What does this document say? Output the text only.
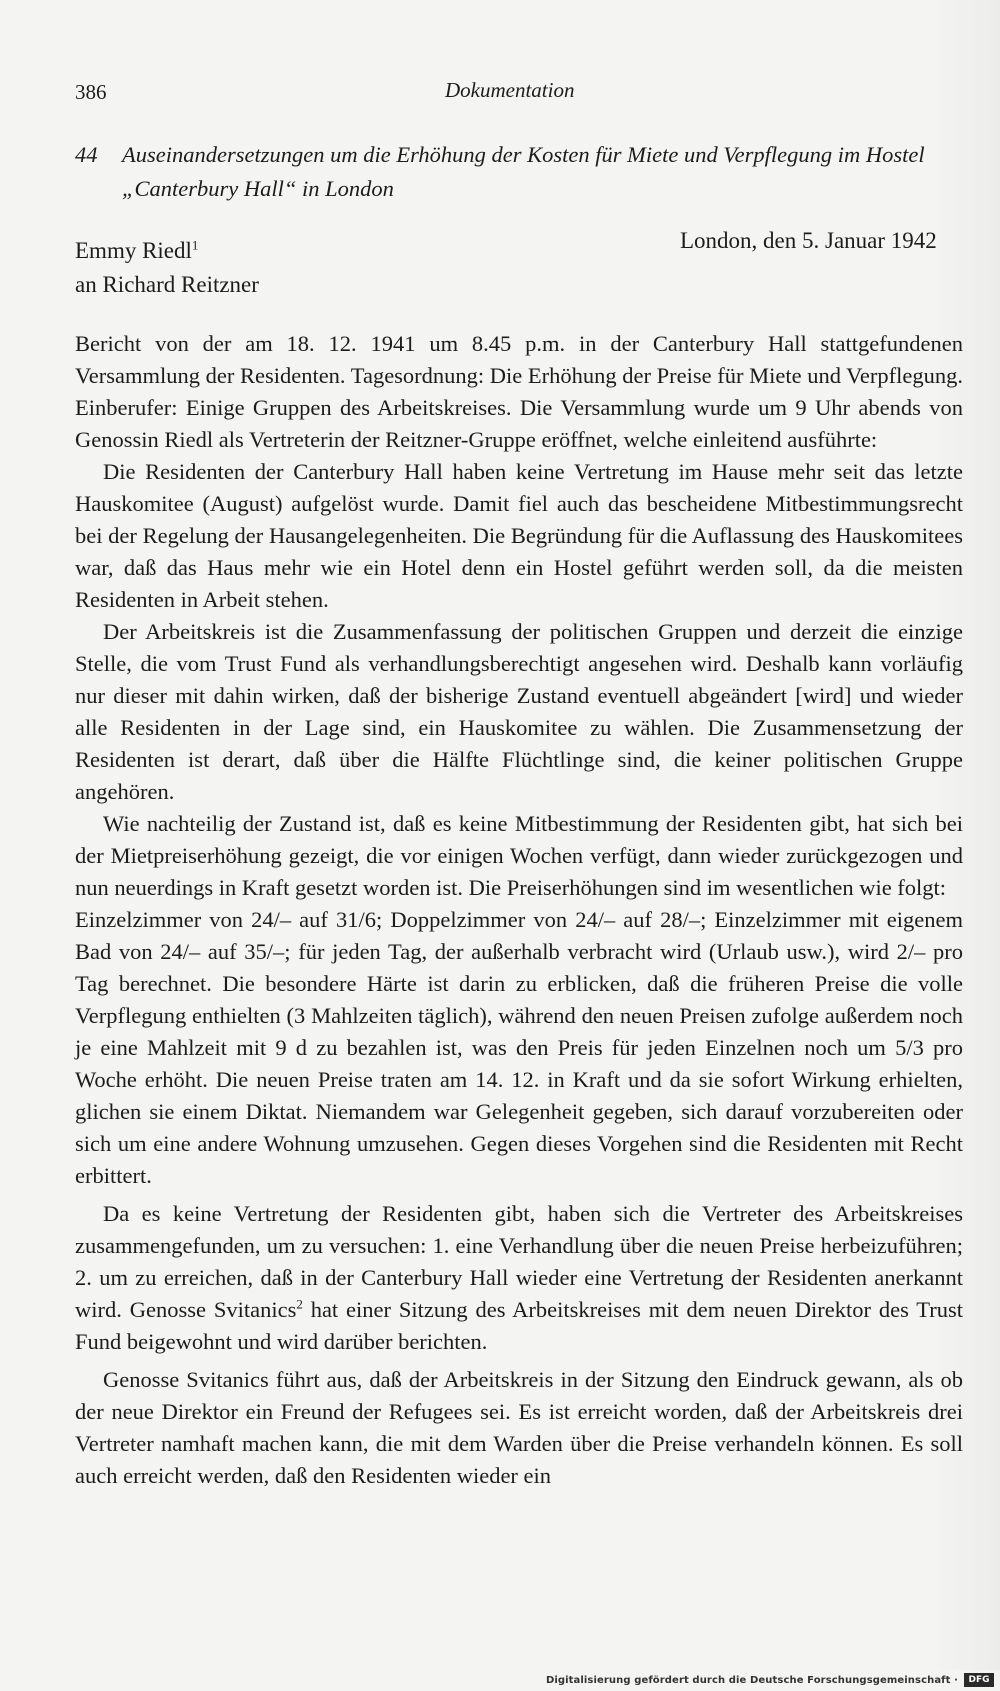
386	Dokumentation
44 Auseinandersetzungen um die Erhöhung der Kosten für Miete und Verpflegung im Hostel „Canterbury Hall“ in London
Emmy Riedl$^1$
an Richard Reitzner
London, den 5. Januar 1942

Bericht von der am 18. 12. 1941 um 8.45 p.m. in der Canterbury Hall stattgefundenen Versammlung der Residenten. Tagesordnung: Die Erhöhung der Preise für Miete und Verpflegung. Einberufer: Einige Gruppen des Arbeitskreises. Die Versammlung wurde um 9 Uhr abends von Genossin Riedl als Vertreterin der Reitzner-Gruppe eröffnet, welche einleitend ausführte:

Die Residenten der Canterbury Hall haben keine Vertretung im Hause mehr seit das letzte Hauskomitee (August) aufgelöst wurde. Damit fiel auch das bescheidene Mitbestimmungsrecht bei der Regelung der Hausangelegenheiten. Die Begründung für die Auflassung des Hauskomitees war, daß das Haus mehr wie ein Hotel denn ein Hostel geführt werden soll, da die meisten Residenten in Arbeit stehen.

Der Arbeitskreis ist die Zusammenfassung der politischen Gruppen und derzeit die einzige Stelle, die vom Trust Fund als verhandlungsberechtigt angesehen wird. Deshalb kann vorläufig nur dieser mit dahin wirken, daß der bisherige Zustand eventuell abgeändert [wird] und wieder alle Residenten in der Lage sind, ein Hauskomitee zu wählen. Die Zusammensetzung der Residenten ist derart, daß über die Hälfte Flüchtlinge sind, die keiner politischen Gruppe angehören.

Wie nachteilig der Zustand ist, daß es keine Mitbestimmung der Residenten gibt, hat sich bei der Mietpreiserhöhung gezeigt, die vor einigen Wochen verfügt, dann wieder zurückgezogen und nun neuerdings in Kraft gesetzt worden ist. Die Preiserhöhungen sind im wesentlichen wie folgt:

Einzelzimmer von 24/– auf 31/6; Doppelzimmer von 24/– auf 28/–; Einzelzimmer mit eigenem Bad von 24/– auf 35/–; für jeden Tag, der außerhalb verbracht wird (Urlaub usw.), wird 2/– pro Tag berechnet. Die besondere Härte ist darin zu erblicken, daß die früheren Preise die volle Verpflegung enthielten (3 Mahlzeiten täglich), während den neuen Preisen zufolge außerdem noch je eine Mahlzeit mit 9 d zu bezahlen ist, was den Preis für jeden Einzelnen noch um 5/3 pro Woche erhöht. Die neuen Preise traten am 14. 12. in Kraft und da sie sofort Wirkung erhielten, glichen sie einem Diktat. Niemandem war Gelegenheit gegeben, sich darauf vorzubereiten oder sich um eine andere Wohnung umzusehen. Gegen dieses Vorgehen sind die Residenten mit Recht erbittert.

Da es keine Vertretung der Residenten gibt, haben sich die Vertreter des Arbeitskreises zusammengefunden, um zu versuchen: 1. eine Verhandlung über die neuen Preise herbeizuführen; 2. um zu erreichen, daß in der Canterbury Hall wieder eine Vertretung der Residenten anerkannt wird. Genosse Svitanics$^2$ hat einer Sitzung des Arbeitskreises mit dem neuen Direktor des Trust Fund beigewohnt und wird darüber berichten.

Genosse Svitanics führt aus, daß der Arbeitskreis in der Sitzung den Eindruck gewann, als ob der neue Direktor ein Freund der Refugees sei. Es ist erreicht worden, daß der Arbeitskreis drei Vertreter namhaft machen kann, die mit dem Warden über die Preise verhandeln können. Es soll auch erreicht werden, daß den Residenten wieder ein

Digitalisierung gefördert durch die Deutsche Forschungsgemeinschaft ·	DFG
